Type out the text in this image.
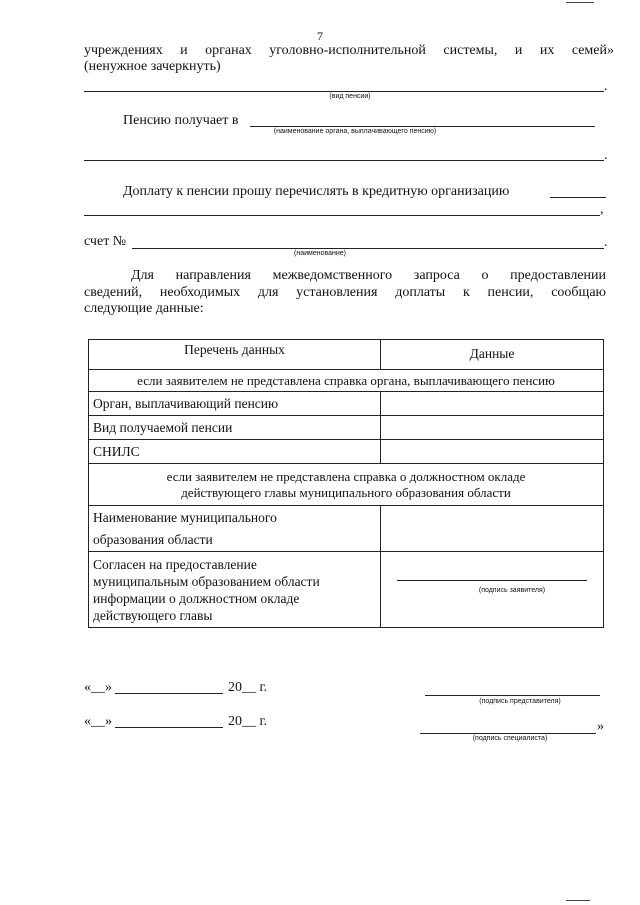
7
учреждениях и органах уголовно-исполнительной системы, и их семей»
(ненужное зачеркнуть)
.
(вид пенсии)
Пенсию получает в
(наименование органа, выплачивающего пенсию)
.
Доплату к пенсии прошу перечислять в кредитную организацию
,
счет №	.
(наименование)
Для направления межведомственного запроса о предоставлении
сведений, необходимых для установления доплаты к пенсии, сообщаю
следующие данные:
Перечень данных	Данные
если заявителем не представлена справка органа, выплачивающего пенсию	
Орган, выплачивающий пенсию	
Вид получаемой пенсии	
СНИЛС	

если заявителем не представлена справка о должностном окладе
действующего главы муниципального образования области	

Наименование муниципального
образования области	

Согласен на предоставление
муниципальным образованием области
информации о должностном окладе
действующего главы	(подпись заявителя)
«__»	20__ г.
(подпись представителя)
«__»	20__ г.	»
(подпись специалиста)
